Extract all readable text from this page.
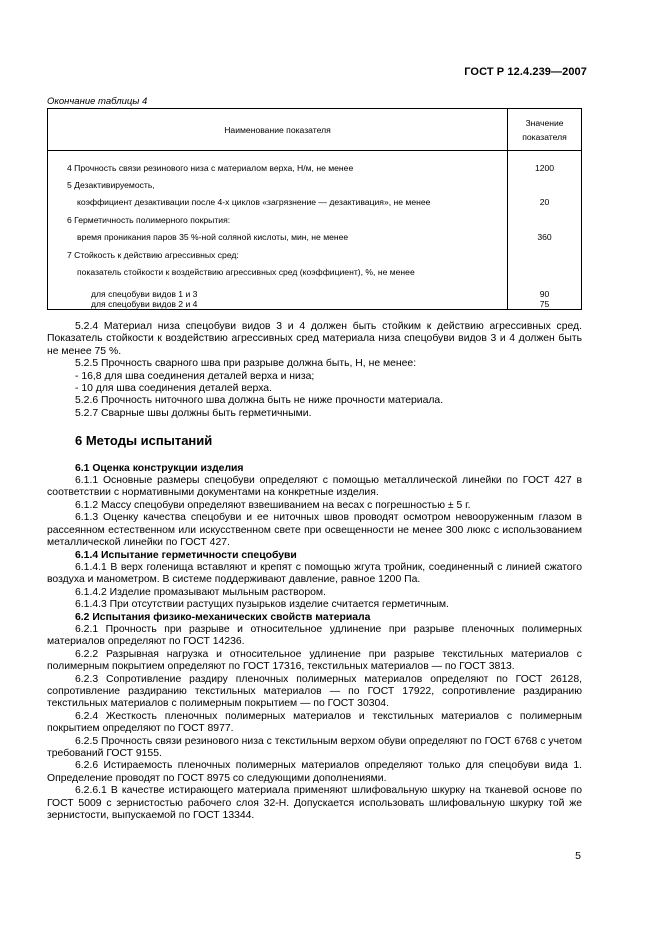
ГОСТ Р 12.4.239—2007
Окончание таблицы 4
Наименование показателя	Значение
показателя

4 Прочность связи резинового низа с материалом верха, Н/м, не менее	1200
5 Дезактивируемость,	
коэффициент дезактивации после 4-х циклов «загрязнение — дезактивация», не менее	20
6 Герметичность полимерного покрытия:	
время проникания паров 35 %-ной соляной кислоты, мин, не менее	360
7 Стойкость к действию агрессивных сред:	
показатель стойкости к воздействию агрессивных сред (коэффициент), %, не менее	

для спецобуви видов 1 и 3	90
для спецобуви видов 2 и 4	75

5.2.4 Материал низа спецобуви видов 3 и 4 должен быть стойким к действию агрессивных сред. Показатель стойкости к воздействию агрессивных сред материала низа спецобуви видов 3 и 4 должен быть не менее 75 %.

5.2.5 Прочность сварного шва при разрыве должна быть, Н, не менее:

- 16,8 для шва соединения деталей верха и низа;

- 10 для шва соединения деталей верха.

5.2.6 Прочность ниточного шва должна быть не ниже прочности материала.

5.2.7 Сварные швы должны быть герметичными.

6 Методы испытаний

6.1 Оценка конструкции изделия

6.1.1 Основные размеры спецобуви определяют с помощью металлической линейки по ГОСТ 427 в соответствии с нормативными документами на конкретные изделия.

6.1.2 Массу спецобуви определяют взвешиванием на весах с погрешностью ± 5 г.

6.1.3 Оценку качества спецобуви и ее ниточных швов проводят осмотром невооруженным глазом в рассеянном естественном или искусственном свете при освещенности не менее 300 люкс с использованием металлической линейки по ГОСТ 427.

6.1.4 Испытание герметичности спецобуви

6.1.4.1 В верх голенища вставляют и крепят с помощью жгута тройник, соединенный с линией сжатого воздуха и манометром. В системе поддерживают давление, равное 1200 Па.

6.1.4.2 Изделие промазывают мыльным раствором.

6.1.4.3 При отсутствии растущих пузырьков изделие считается герметичным.

6.2 Испытания физико-механических свойств материала

6.2.1 Прочность при разрыве и относительное удлинение при разрыве пленочных полимерных материалов определяют по ГОСТ 14236.

6.2.2 Разрывная нагрузка и относительное удлинение при разрыве текстильных материалов с полимерным покрытием определяют по ГОСТ 17316, текстильных материалов — по ГОСТ 3813.

6.2.3 Сопротивление раздиру пленочных полимерных материалов определяют по ГОСТ 26128, сопротивление раздиранию текстильных материалов — по ГОСТ 17922, сопротивление раздиранию текстильных материалов с полимерным покрытием — по ГОСТ 30304.

6.2.4 Жесткость пленочных полимерных материалов и текстильных материалов с полимерным покрытием определяют по ГОСТ 8977.

6.2.5 Прочность связи резинового низа с текстильным верхом обуви определяют по ГОСТ 6768 с учетом требований ГОСТ 9155.

6.2.6 Истираемость пленочных полимерных материалов определяют только для спецобуви вида 1. Определение проводят по ГОСТ 8975 со следующими дополнениями.

6.2.6.1 В качестве истирающего материала применяют шлифовальную шкурку на тканевой основе по ГОСТ 5009 с зернистостью рабочего слоя 32-Н. Допускается использовать шлифовальную шкурку той же зернистости, выпускаемой по ГОСТ 13344.

5
